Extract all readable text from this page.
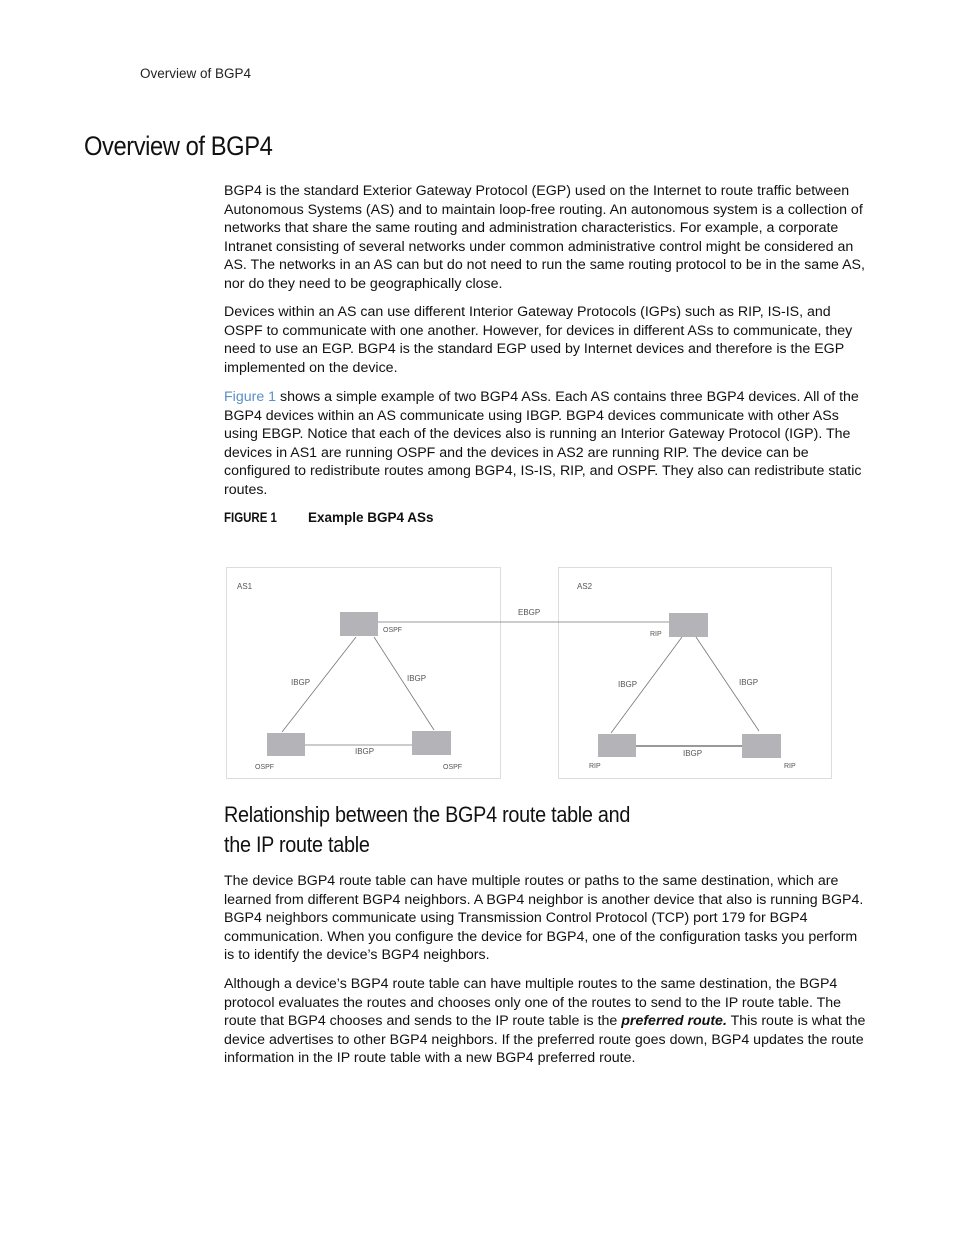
Overview of BGP4
Overview of BGP4

BGP4 is the standard Exterior Gateway Protocol (EGP) used on the Internet to route traffic between Autonomous Systems (AS) and to maintain loop-free routing. An autonomous system is a collection of networks that share the same routing and administration characteristics. For example, a corporate Intranet consisting of several networks under common administrative control might be considered an AS. The networks in an AS can but do not need to run the same routing protocol to be in the same AS, nor do they need to be geographically close.

Devices within an AS can use different Interior Gateway Protocols (IGPs) such as RIP, IS-IS, and OSPF to communicate with one another. However, for devices in different ASs to communicate, they need to use an EGP. BGP4 is the standard EGP used by Internet devices and therefore is the EGP implemented on the device.

Figure 1 shows a simple example of two BGP4 ASs. Each AS contains three BGP4 devices. All of the BGP4 devices within an AS communicate using IBGP. BGP4 devices communicate with other ASs using EBGP. Notice that each of the devices also is running an Interior Gateway Protocol (IGP). The devices in AS1 are running OSPF and the devices in AS2 are running RIP. The device can be configured to redistribute routes among BGP4, IS-IS, RIP, and OSPF. They also can redistribute static routes.

FIGURE 1 Example BGP4 ASs
AS1	AS2
EBGP
OSPF
IBGP	IBGP
IBGP
OSPF	OSPF
RIP
IBGP	IBGP
IBGP
RIP	RIP
Relationship between the BGP4 route table and
the IP route table

The device BGP4 route table can have multiple routes or paths to the same destination, which are learned from different BGP4 neighbors. A BGP4 neighbor is another device that also is running BGP4. BGP4 neighbors communicate using Transmission Control Protocol (TCP) port 179 for BGP4 communication. When you configure the device for BGP4, one of the configuration tasks you perform is to identify the device’s BGP4 neighbors.

Although a device’s BGP4 route table can have multiple routes to the same destination, the BGP4 protocol evaluates the routes and chooses only one of the routes to send to the IP route table. The route that BGP4 chooses and sends to the IP route table is the preferred route. This route is what the device advertises to other BGP4 neighbors. If the preferred route goes down, BGP4 updates the route information in the IP route table with a new BGP4 preferred route.
